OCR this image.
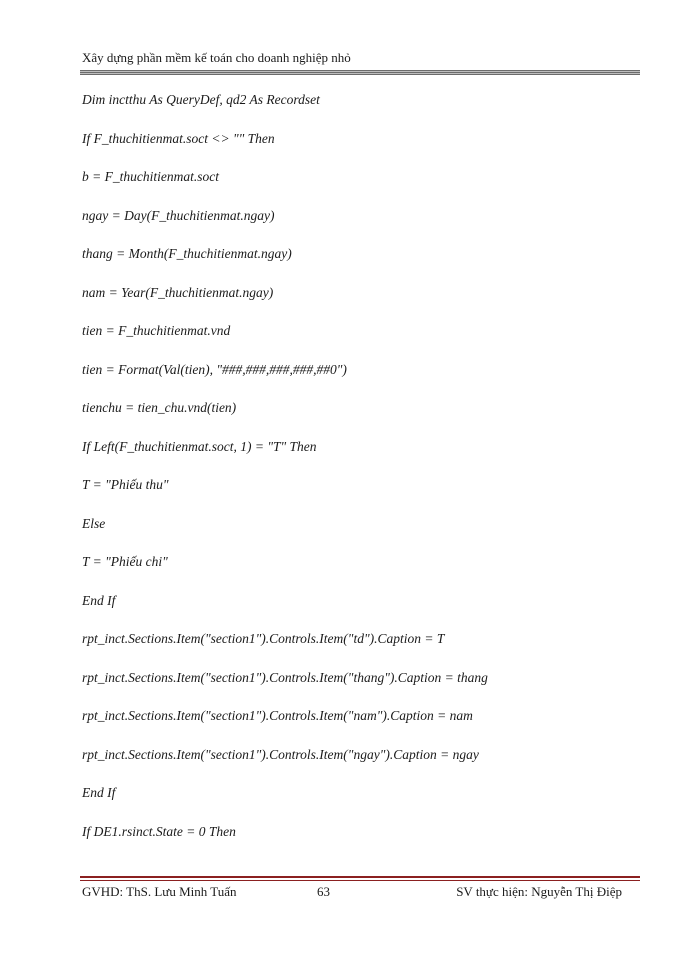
Xây dựng phần mềm kế toán cho doanh nghiệp nhỏ
Dim inctthu As QueryDef, qd2 As Recordset
If F_thuchitienmat.soct <> "" Then
b = F_thuchitienmat.soct
ngay = Day(F_thuchitienmat.ngay)
thang = Month(F_thuchitienmat.ngay)
nam = Year(F_thuchitienmat.ngay)
tien = F_thuchitienmat.vnd
tien = Format(Val(tien), "###,###,###,###,##0")
tienchu = tien_chu.vnd(tien)
If Left(F_thuchitienmat.soct, 1) = "T" Then
T = "Phiếu thu"
Else
T = "Phiếu chi"
End If
rpt_inct.Sections.Item("section1").Controls.Item("td").Caption = T
rpt_inct.Sections.Item("section1").Controls.Item("thang").Caption = thang
rpt_inct.Sections.Item("section1").Controls.Item("nam").Caption = nam
rpt_inct.Sections.Item("section1").Controls.Item("ngay").Caption = ngay
End If
If DE1.rsinct.State = 0 Then
GVHD: ThS. Lưu Minh Tuấn	63	SV thực hiện: Nguyễn Thị Điệp
